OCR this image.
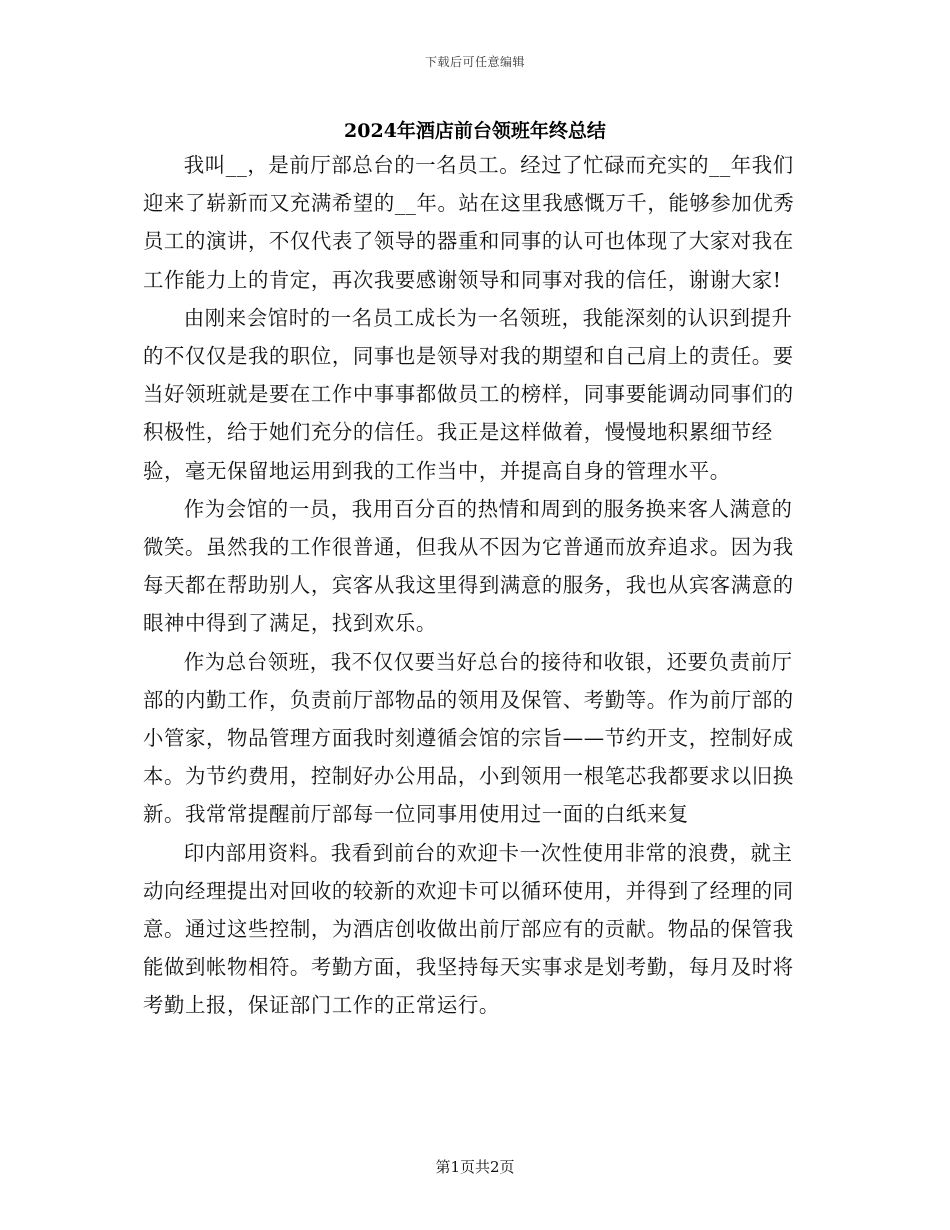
下载后可任意编辑
2024年酒店前台领班年终总结

我叫__，是前厅部总台的一名员工。经过了忙碌而充实的__年我们迎来了崭新而又充满希望的__年。站在这里我感慨万千，能够参加优秀员工的演讲，不仅代表了领导的器重和同事的认可也体现了大家对我在工作能力上的肯定，再次我要感谢领导和同事对我的信任，谢谢大家!

由刚来会馆时的一名员工成长为一名领班，我能深刻的认识到提升的不仅仅是我的职位，同事也是领导对我的期望和自己肩上的责任。要当好领班就是要在工作中事事都做员工的榜样，同事要能调动同事们的积极性，给于她们充分的信任。我正是这样做着，慢慢地积累细节经验，毫无保留地运用到我的工作当中，并提高自身的管理水平。

作为会馆的一员，我用百分百的热情和周到的服务换来客人满意的微笑。虽然我的工作很普通，但我从不因为它普通而放弃追求。因为我每天都在帮助别人，宾客从我这里得到满意的服务，我也从宾客满意的眼神中得到了满足，找到欢乐。

作为总台领班，我不仅仅要当好总台的接待和收银，还要负责前厅部的内勤工作，负责前厅部物品的领用及保管、考勤等。作为前厅部的小管家，物品管理方面我时刻遵循会馆的宗旨——节约开支，控制好成本。为节约费用，控制好办公用品，小到领用一根笔芯我都要求以旧换新。我常常提醒前厅部每一位同事用使用过一面的白纸来复

印内部用资料。我看到前台的欢迎卡一次性使用非常的浪费，就主动向经理提出对回收的较新的欢迎卡可以循环使用，并得到了经理的同意。通过这些控制，为酒店创收做出前厅部应有的贡献。物品的保管我能做到帐物相符。考勤方面，我坚持每天实事求是划考勤，每月及时将考勤上报，保证部门工作的正常运行。

第1页共2页
